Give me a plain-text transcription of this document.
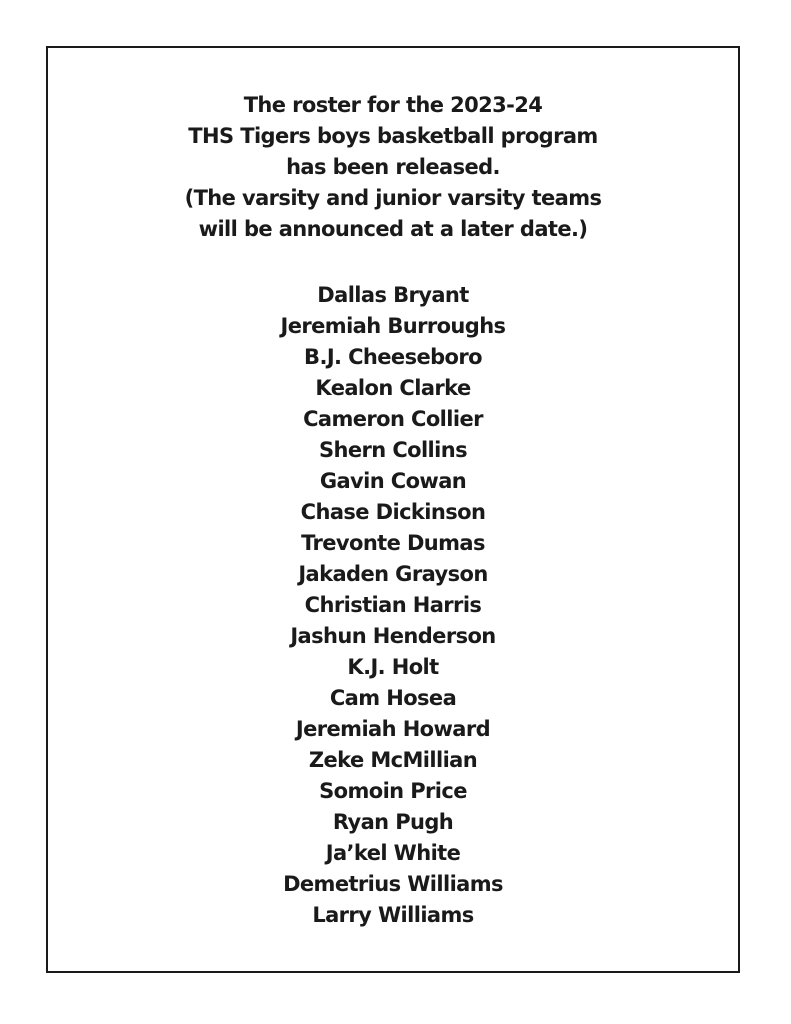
The roster for the 2023-24
THS Tigers boys basketball program
has been released.
(The varsity and junior varsity teams
will be announced at a later date.)

Dallas Bryant
Jeremiah Burroughs
B.J. Cheeseboro
Kealon Clarke
Cameron Collier
Shern Collins
Gavin Cowan
Chase Dickinson
Trevonte Dumas
Jakaden Grayson
Christian Harris
Jashun Henderson
K.J. Holt
Cam Hosea
Jeremiah Howard
Zeke McMillian
Somoin Price
Ryan Pugh
Ja’kel White
Demetrius Williams
Larry Williams
